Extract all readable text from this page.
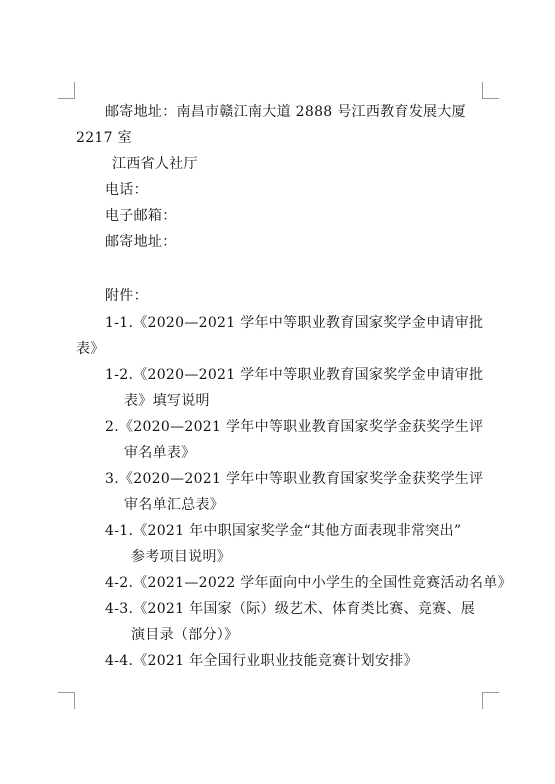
邮寄地址：南昌市赣江南大道 2888 号江西教育发展大厦
2217 室
江西省人社厅
电话：
电子邮箱：
邮寄地址：
附件：
1-1.《2020—2021 学年中等职业教育国家奖学金申请审批
表》
1-2.《2020—2021 学年中等职业教育国家奖学金申请审批
表》填写说明
2.《2020—2021 学年中等职业教育国家奖学金获奖学生评
审名单表》
3.《2020—2021 学年中等职业教育国家奖学金获奖学生评
审名单汇总表》
4-1.《2021 年中职国家奖学金“其他方面表现非常突出”
参考项目说明》
4-2.《2021—2022 学年面向中小学生的全国性竞赛活动名单》
4-3.《2021 年国家（际）级艺术、体育类比赛、竞赛、展
演目录（部分）》
4-4.《2021 年全国行业职业技能竞赛计划安排》
